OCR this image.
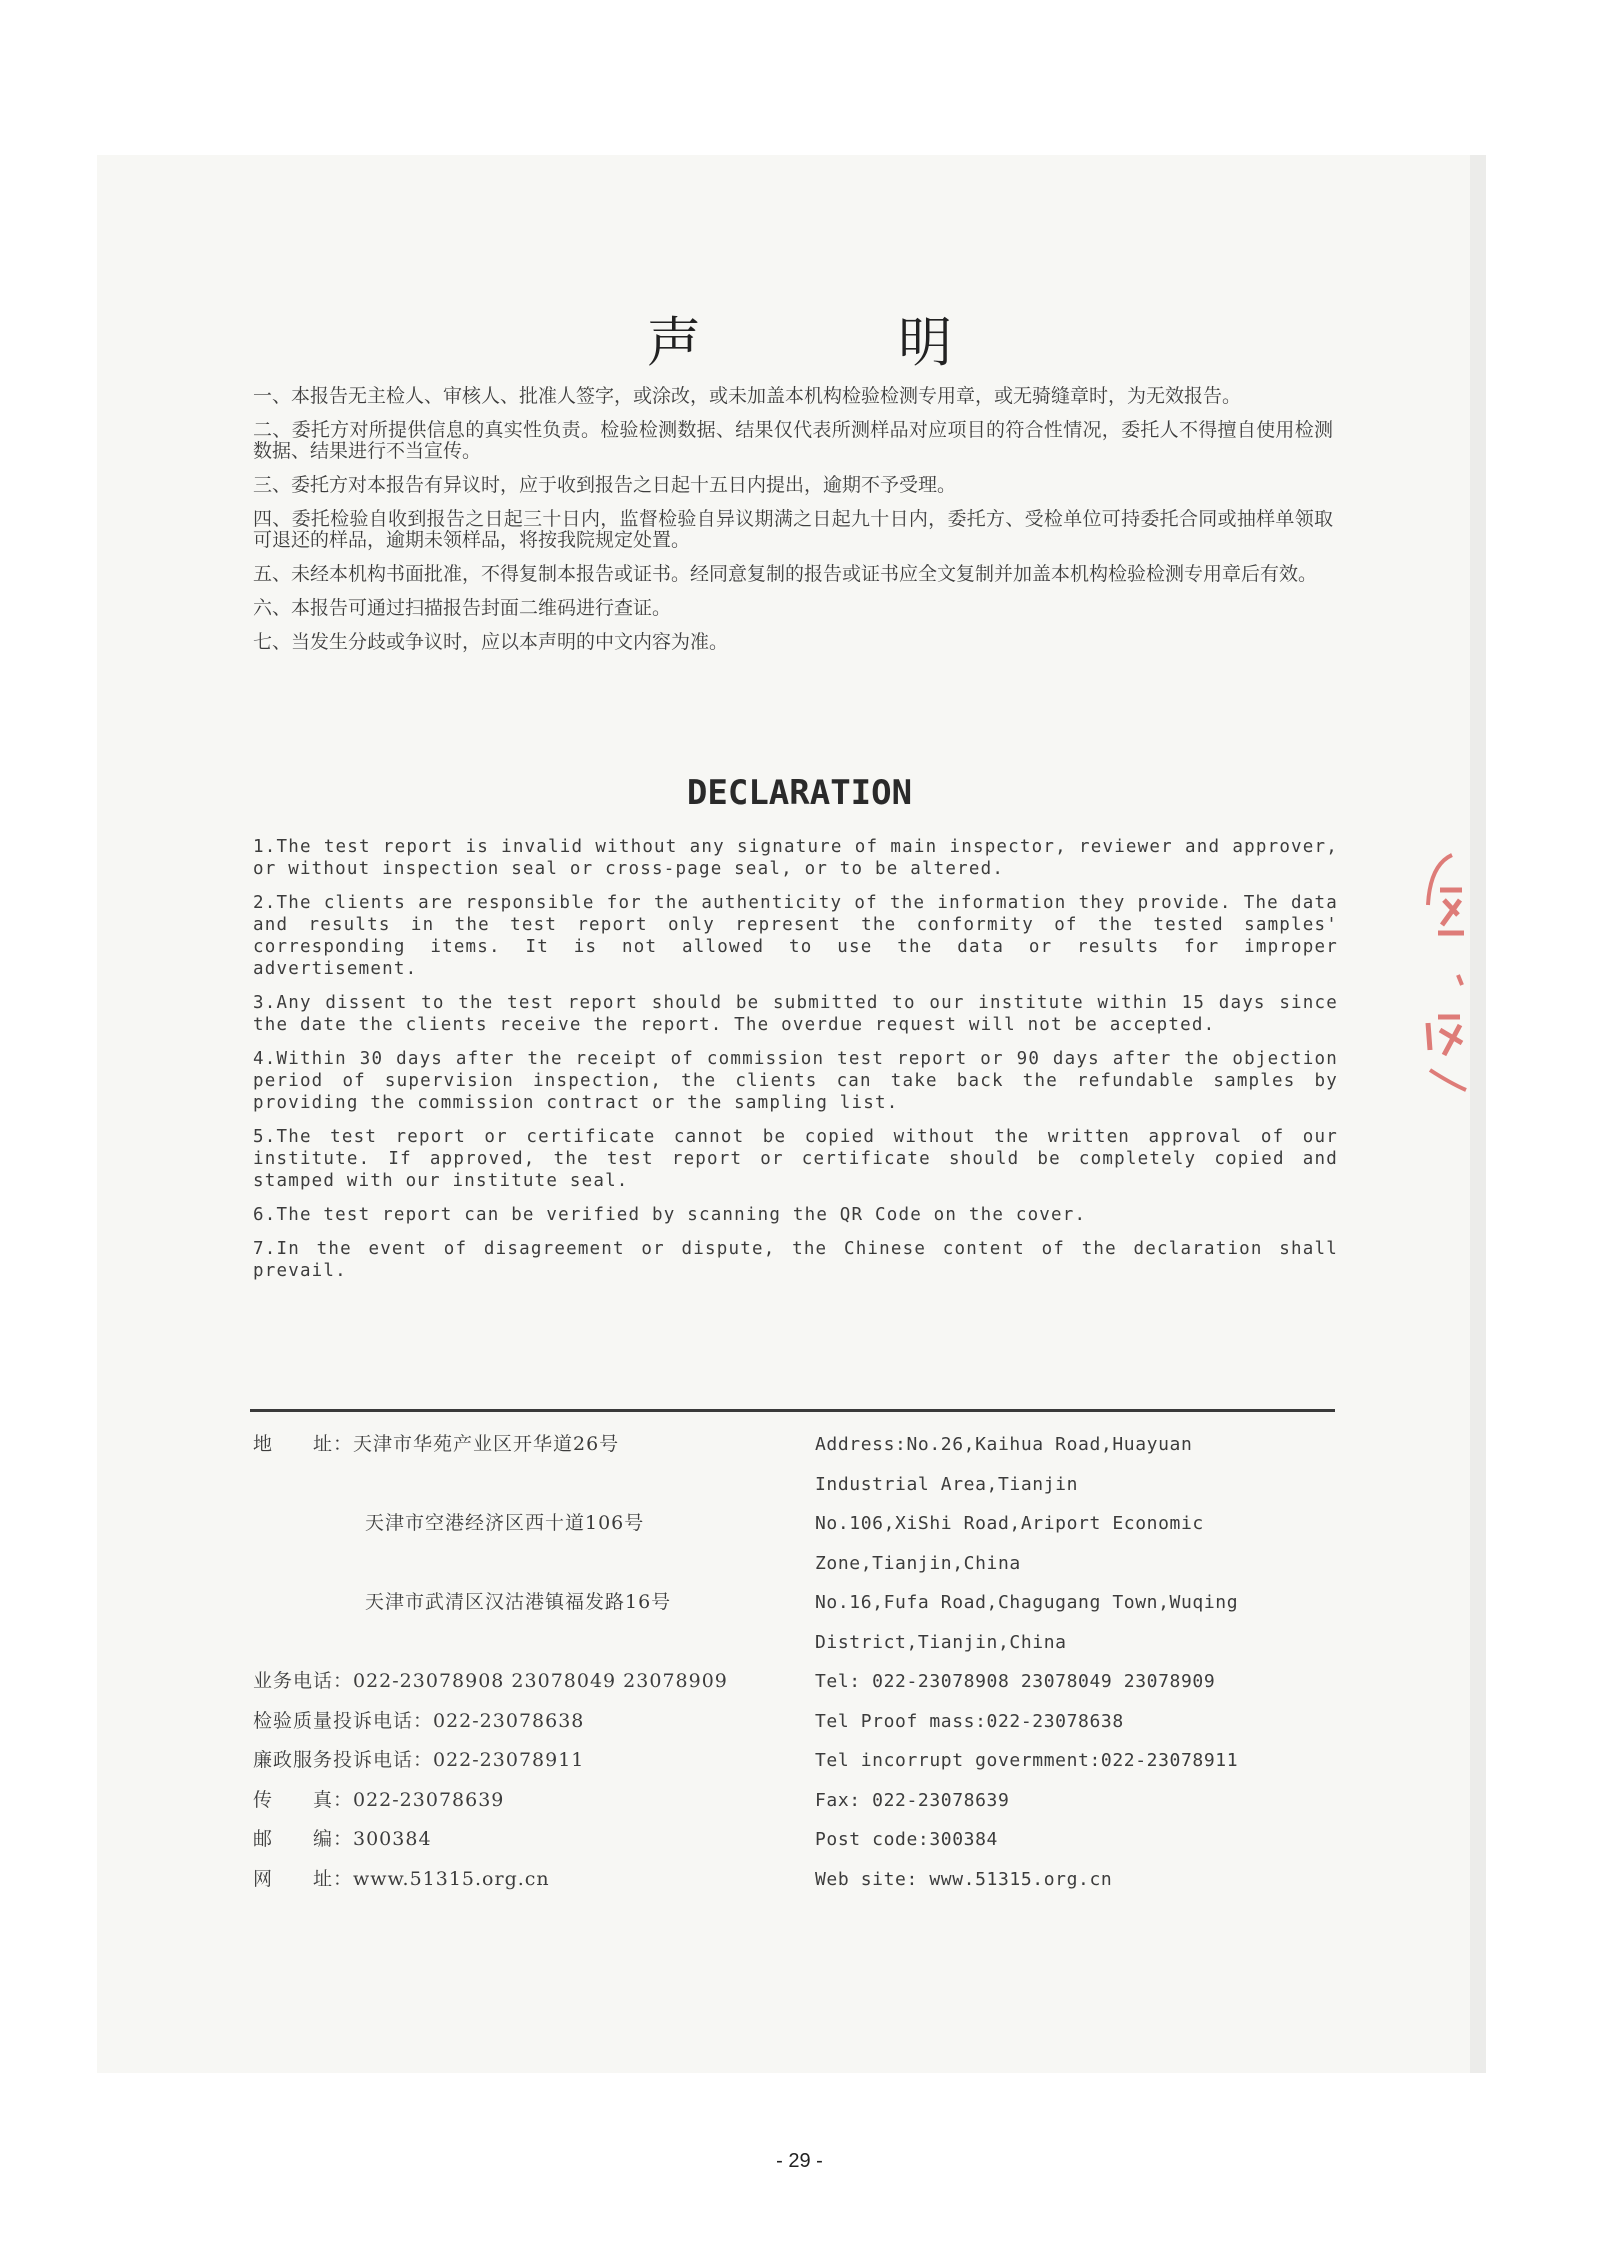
声 明
一、本报告无主检人、审核人、批准人签字，或涂改，或未加盖本机构检验检测专用章，或无骑缝章时，为无效报告。
二、委托方对所提供信息的真实性负责。检验检测数据、结果仅代表所测样品对应项目的符合性情况，委托人不得擅自使用检测数据、结果进行不当宣传。
三、委托方对本报告有异议时，应于收到报告之日起十五日内提出，逾期不予受理。
四、委托检验自收到报告之日起三十日内，监督检验自异议期满之日起九十日内，委托方、受检单位可持委托合同或抽样单领取可退还的样品，逾期未领样品，将按我院规定处置。
五、未经本机构书面批准，不得复制本报告或证书。经同意复制的报告或证书应全文复制并加盖本机构检验检测专用章后有效。
六、本报告可通过扫描报告封面二维码进行查证。
七、当发生分歧或争议时，应以本声明的中文内容为准。
DECLARATION
1.The test report is invalid without any signature of main inspector, reviewer and approver, or without inspection seal or cross-page seal, or to be altered.
2.The clients are responsible for the authenticity of the information they provide. The data and results in the test report only represent the conformity of the tested samples' corresponding items. It is not allowed to use the data or results for improper advertisement.
3.Any dissent to the test report should be submitted to our institute within 15 days since the date the clients receive the report. The overdue request will not be accepted.
4.Within 30 days after the receipt of commission test report or 90 days after the objection period of supervision inspection, the clients can take back the refundable samples by providing the commission contract or the sampling list.
5.The test report or certificate cannot be copied without the written approval of our institute. If approved, the test report or certificate should be completely copied and stamped with our institute seal.
6.The test report can be verified by scanning the QR Code on the cover.
7.In the event of disagreement or dispute, the Chinese content of the declaration shall prevail.
地　　址：天津市华苑产业区开华道26号

天津市空港经济区西十道106号

天津市武清区汉沽港镇福发路16号

业务电话：022-23078908 23078049 23078909
检验质量投诉电话：022-23078638
廉政服务投诉电话：022-23078911
传　　真：022-23078639
邮　　编：300384
网　　址：www.51315.org.cn
Address:No.26,Kaihua Road,Huayuan
Industrial Area,Tianjin
No.106,XiShi Road,Ariport Economic
Zone,Tianjin,China
No.16,Fufa Road,Chagugang Town,Wuqing
District,Tianjin,China
Tel: 022-23078908 23078049 23078909
Tel Proof mass:022-23078638
Tel incorrupt govermment:022-23078911
Fax: 022-23078639
Post code:300384
Web site: www.51315.org.cn
- 29 -
